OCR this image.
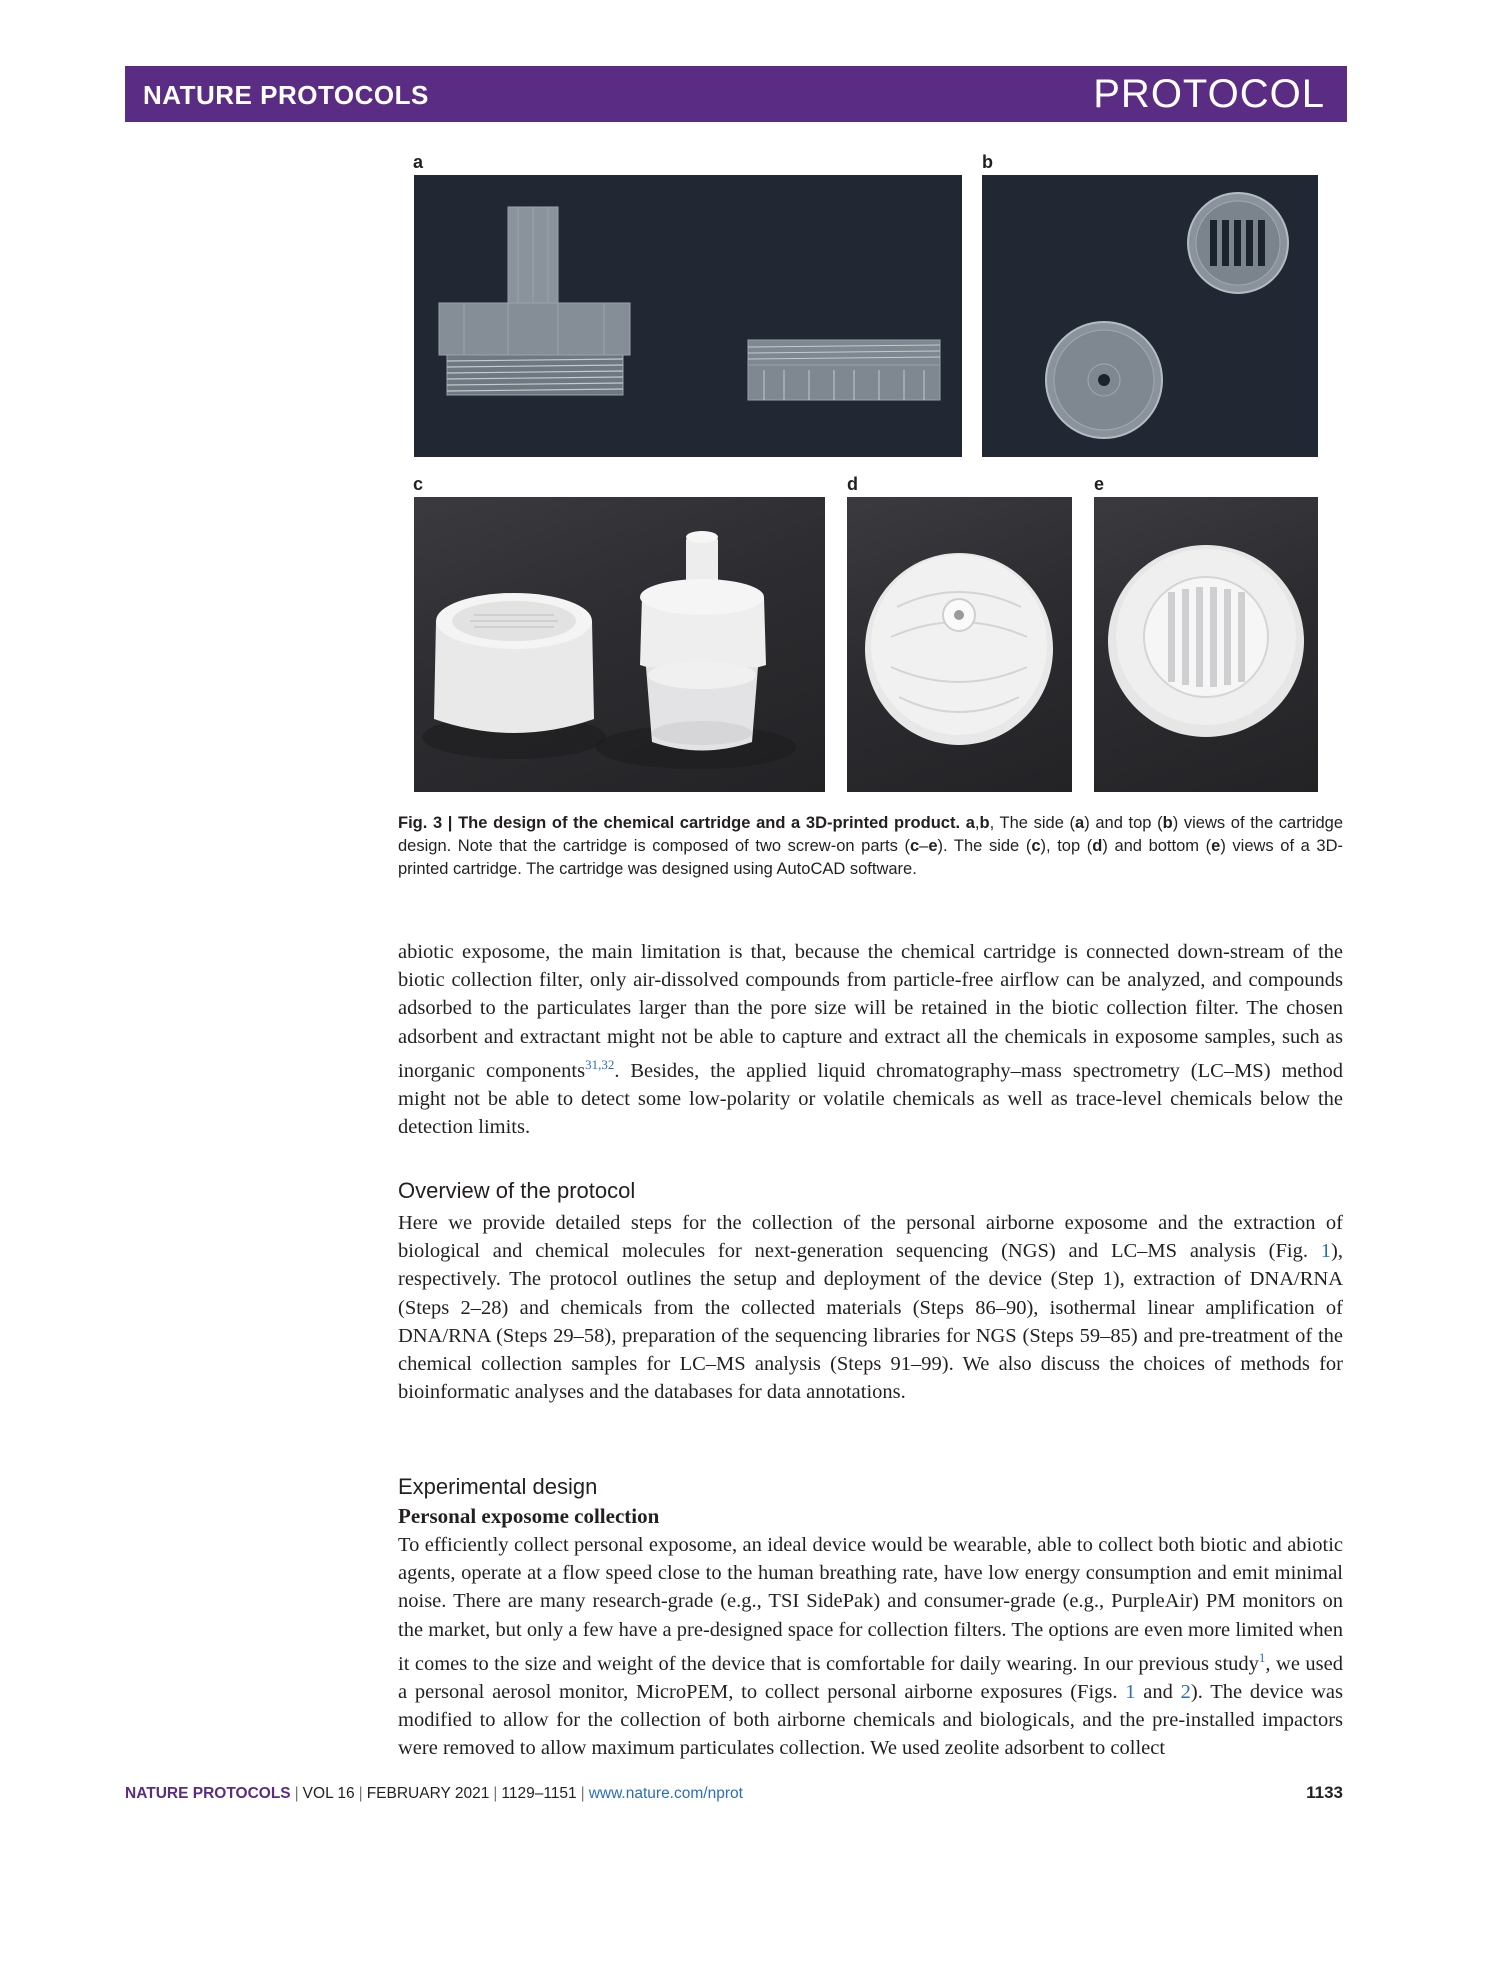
NATURE PROTOCOLS	PROTOCOL
a	b
c	d	e
Fig. 3 | The design of the chemical cartridge and a 3D-printed product. a,b, The side (a) and top (b) views of the cartridge design. Note that the cartridge is composed of two screw-on parts (c–e). The side (c), top (d) and bottom (e) views of a 3D-printed cartridge. The cartridge was designed using AutoCAD software.
abiotic exposome, the main limitation is that, because the chemical cartridge is connected down-stream of the biotic collection filter, only air-dissolved compounds from particle-free airflow can be analyzed, and compounds adsorbed to the particulates larger than the pore size will be retained in the biotic collection filter. The chosen adsorbent and extractant might not be able to capture and extract all the chemicals in exposome samples, such as inorganic components$^{31,32}$. Besides, the applied liquid chromatography–mass spectrometry (LC–MS) method might not be able to detect some low-polarity or volatile chemicals as well as trace-level chemicals below the detection limits.
Overview of the protocol
Here we provide detailed steps for the collection of the personal airborne exposome and the extraction of biological and chemical molecules for next-generation sequencing (NGS) and LC–MS analysis (Fig. 1), respectively. The protocol outlines the setup and deployment of the device (Step 1), extraction of DNA/RNA (Steps 2–28) and chemicals from the collected materials (Steps 86–90), isothermal linear amplification of DNA/RNA (Steps 29–58), preparation of the sequencing libraries for NGS (Steps 59–85) and pre-treatment of the chemical collection samples for LC–MS analysis (Steps 91–99). We also discuss the choices of methods for bioinformatic analyses and the databases for data annotations.
Experimental design
Personal exposome collection
To efficiently collect personal exposome, an ideal device would be wearable, able to collect both biotic and abiotic agents, operate at a flow speed close to the human breathing rate, have low energy consumption and emit minimal noise. There are many research-grade (e.g., TSI SidePak) and consumer-grade (e.g., PurpleAir) PM monitors on the market, but only a few have a pre-designed space for collection filters. The options are even more limited when it comes to the size and weight of the device that is comfortable for daily wearing. In our previous study$^1$, we used a personal aerosol monitor, MicroPEM, to collect personal airborne exposures (Figs. 1 and 2). The device was modified to allow for the collection of both airborne chemicals and biologicals, and the pre-installed impactors were removed to allow maximum particulates collection. We used zeolite adsorbent to collect
NATURE PROTOCOLS | VOL 16 | FEBRUARY 2021 | 1129–1151 | www.nature.com/nprot	1133
